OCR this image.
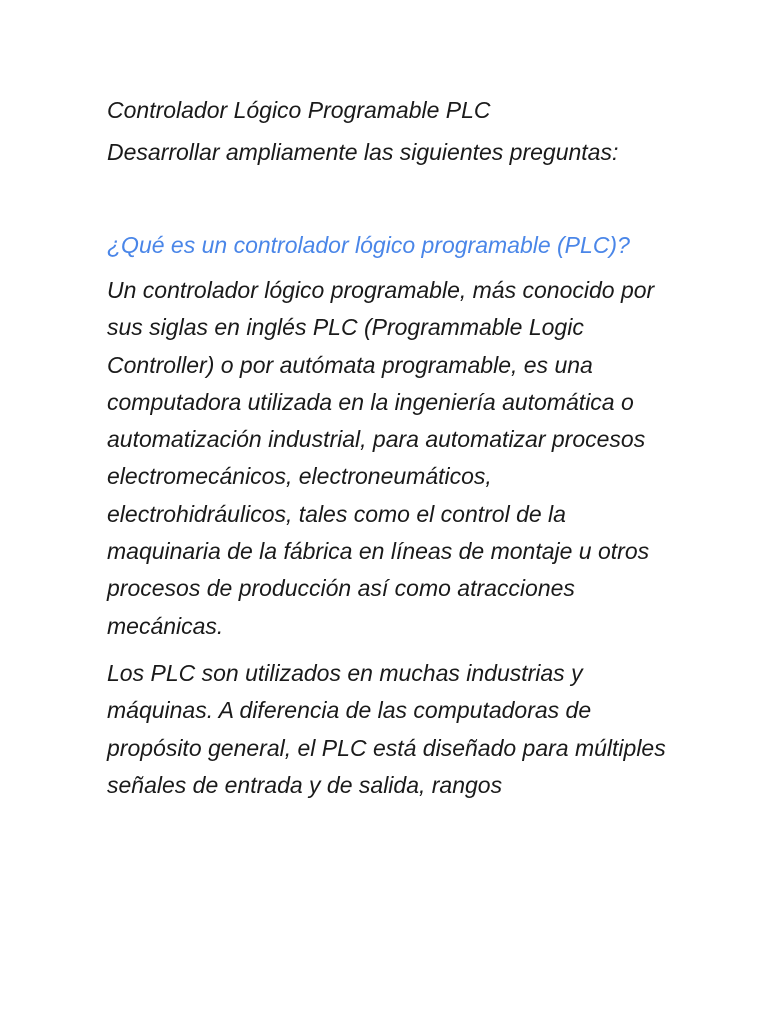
Controlador Lógico Programable PLC

Desarrollar ampliamente las siguientes preguntas:

¿Qué es un controlador lógico programable (PLC)?

Un controlador lógico programable, más conocido por sus siglas en inglés PLC (Programmable Logic Controller) o por autómata programable, es una computadora utilizada en la ingeniería automática o automatización industrial, para automatizar procesos electromecánicos, electroneumáticos, electrohidráulicos, tales como el control de la maquinaria de la fábrica en líneas de montaje u otros procesos de producción así como atracciones mecánicas.

Los PLC son utilizados en muchas industrias y máquinas. A diferencia de las computadoras de propósito general, el PLC está diseñado para múltiples señales de entrada y de salida, rangos
